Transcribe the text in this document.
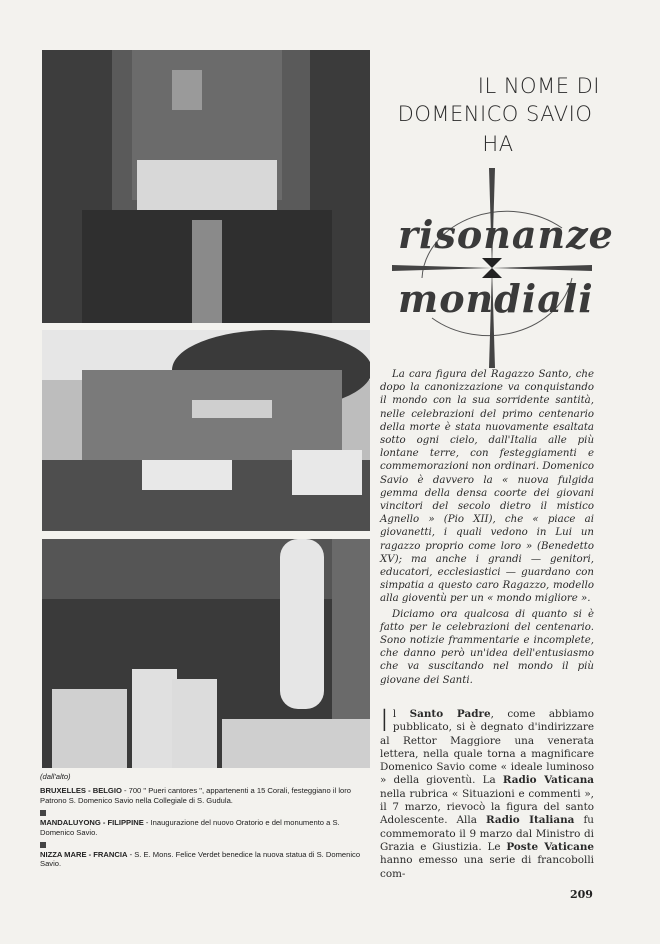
(dall'alto)
BRUXELLES - BELGIO - 700 " Pueri cantores ", appartenenti a 15 Corali, festeggiano il loro Patrono S. Domenico Savio nella Collegiale di S. Gudula.
MANDALUYONG - FILIPPINE - Inaugurazione del nuovo Oratorio e del monumento a S. Domenico Savio.
NIZZA MARE - FRANCIA - S. E. Mons. Felice Verdet benedice la nuova statua di S. Domenico Savio.
IL NOME DI
DOMENICO SAVIO
HA
risonanze
mondiali

La cara figura del Ragazzo Santo, che dopo la canonizzazione va conquistando il mondo con la sua sorridente santità, nelle celebrazioni del primo centenario della morte è stata nuovamente esaltata sotto ogni cielo, dall'Italia alle più lontane terre, con festeggiamenti e commemorazioni non ordinari. Domenico Savio è davvero la « nuova fulgida gemma della densa coorte dei giovani vincitori del secolo dietro il mistico Agnello » (Pio XII), che « piace ai giovanetti, i quali vedono in Lui un ragazzo proprio come loro » (Benedetto XV); ma anche i grandi — genitori, educatori, ecclesiastici — guardano con simpatia a questo caro Ragazzo, modello alla gioventù per un « mondo migliore ».

Diciamo ora qualcosa di quanto si è fatto per le celebrazioni del centenario. Sono notizie frammentarie e incomplete, che danno però un'idea dell'entusiasmo che va suscitando nel mondo il più giovane dei Santi.

Il Santo Padre, come abbiamo pubblicato, si è degnato d'indirizzare al Rettor Maggiore una venerata lettera, nella quale torna a magnificare Domenico Savio come « ideale luminoso » della gioventù. La Radio Vaticana nella rubrica « Situazioni e commenti », il 7 marzo, rievocò la figura del santo Adolescente. Alla Radio Italiana fu commemorato il 9 marzo dal Ministro di Grazia e Giustizia. Le Poste Vaticane hanno emesso una serie di francobolli com-
209
